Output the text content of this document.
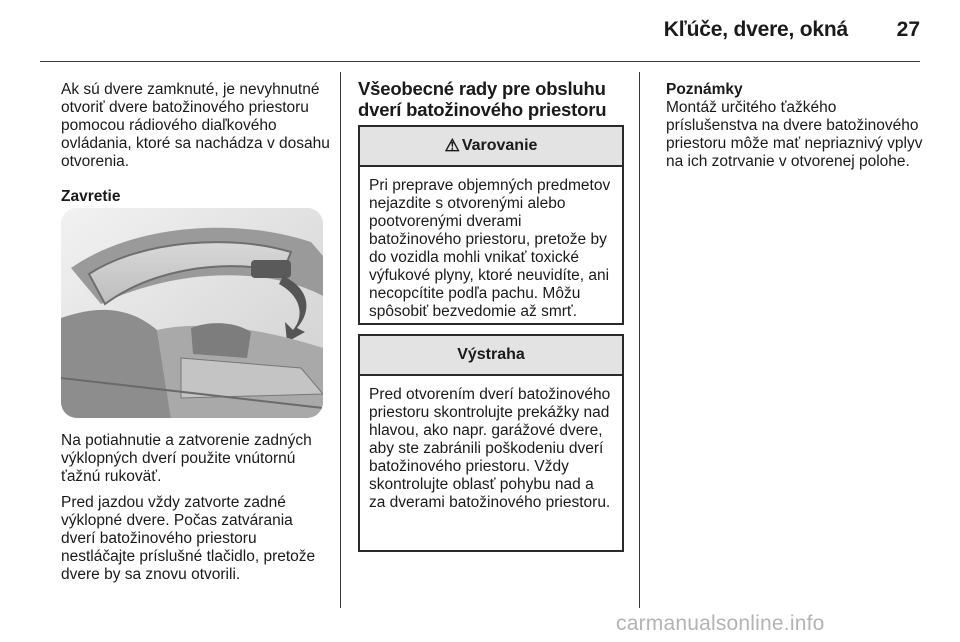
Kľúče, dvere, okná	27

Ak sú dvere zamknuté, je nevyhnutné otvoriť dvere batožinového priestoru pomocou rádiového diaľkového ovládania, ktoré sa nachádza v dosahu otvorenia.

Zavretie

Na potiahnutie a zatvorenie zadných výklopných dverí použite vnútornú ťažnú rukoväť.

Pred jazdou vždy zatvorte zadné výklopné dvere. Počas zatvárania dverí batožinového priestoru nestláčajte príslušné tlačidlo, pretože dvere by sa znovu otvorili.

Všeobecné rady pre obsluhu dverí batožinového priestoru
⚠ Varovanie
Pri preprave objemných predmetov nejazdite s otvorenými alebo pootvorenými dverami batožinového priestoru, pretože by do vozidla mohli vnikať toxické výfukové plyny, ktoré neuvidíte, ani necopcítite podľa pachu. Môžu spôsobiť bezvedomie až smrť.
Výstraha
Pred otvorením dverí batožinového priestoru skontrolujte prekážky nad hlavou, ako napr. garážové dvere, aby ste zabránili poškodeniu dverí batožinového priestoru. Vždy skontrolujte oblasť pohybu nad a za dverami batožinového priestoru.

Poznámky

Montáž určitého ťažkého príslušenstva na dvere batožinového priestoru môže mať nepriaznivý vplyv na ich zotrvanie v otvorenej polohe.

carmanualsonline.info
